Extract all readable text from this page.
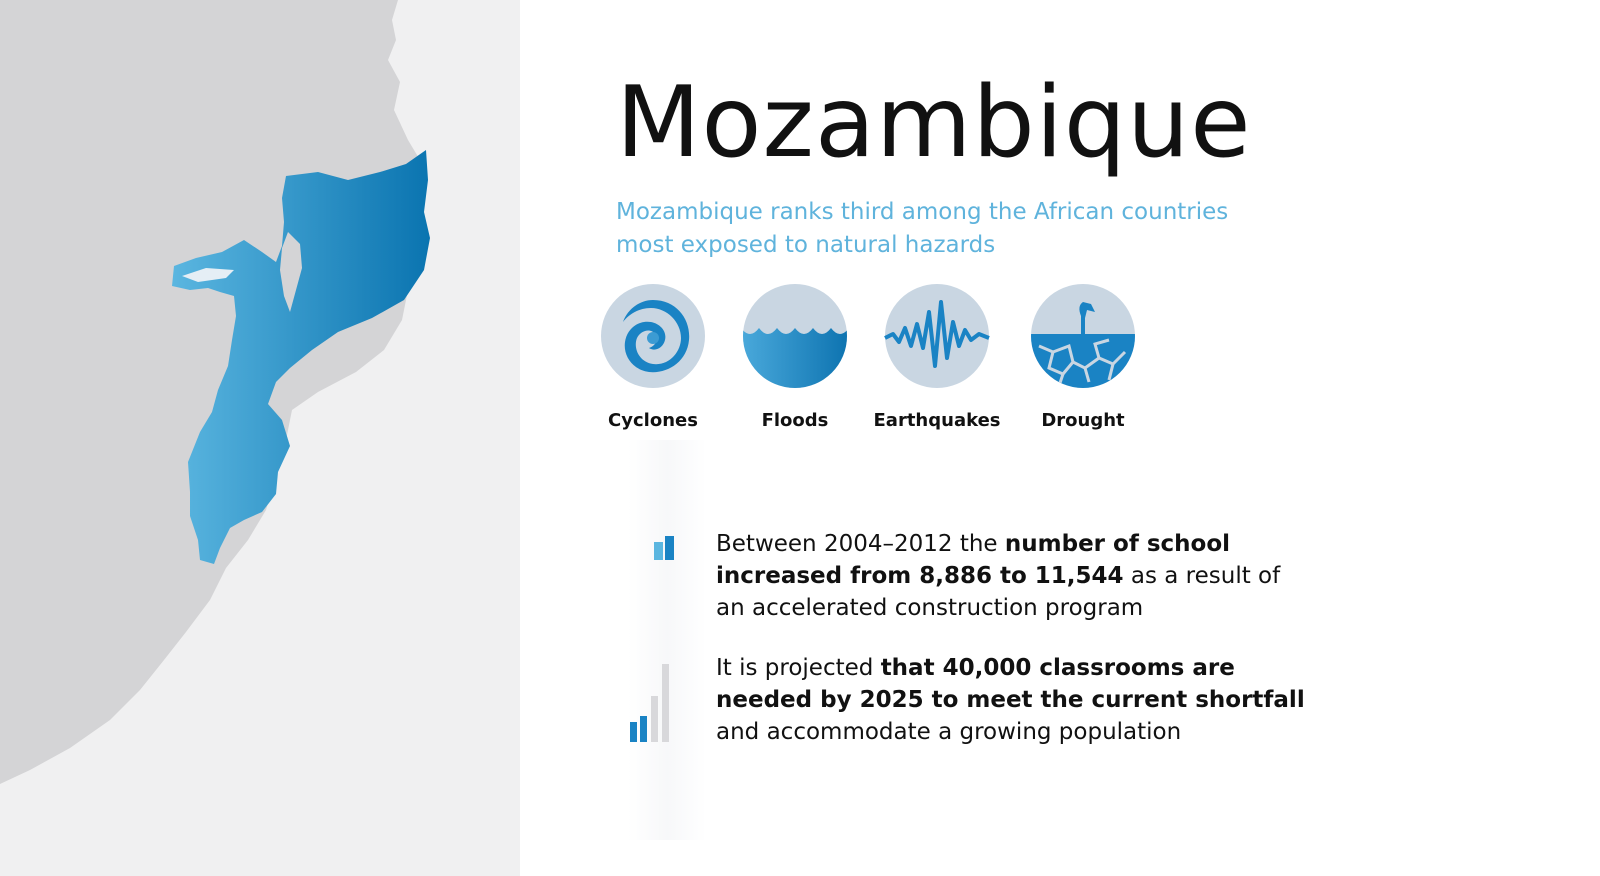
Mozambique
Mozambique ranks third among the African countries
most exposed to natural hazards
Cyclones	Floods	Earthquakes	Drought
Between 2004–2012 the number of school increased from 8,886 to 11,544 as a result of an accelerated construction program
It is projected that 40,000 classrooms are needed by 2025 to meet the current shortfall and accommodate a growing population
